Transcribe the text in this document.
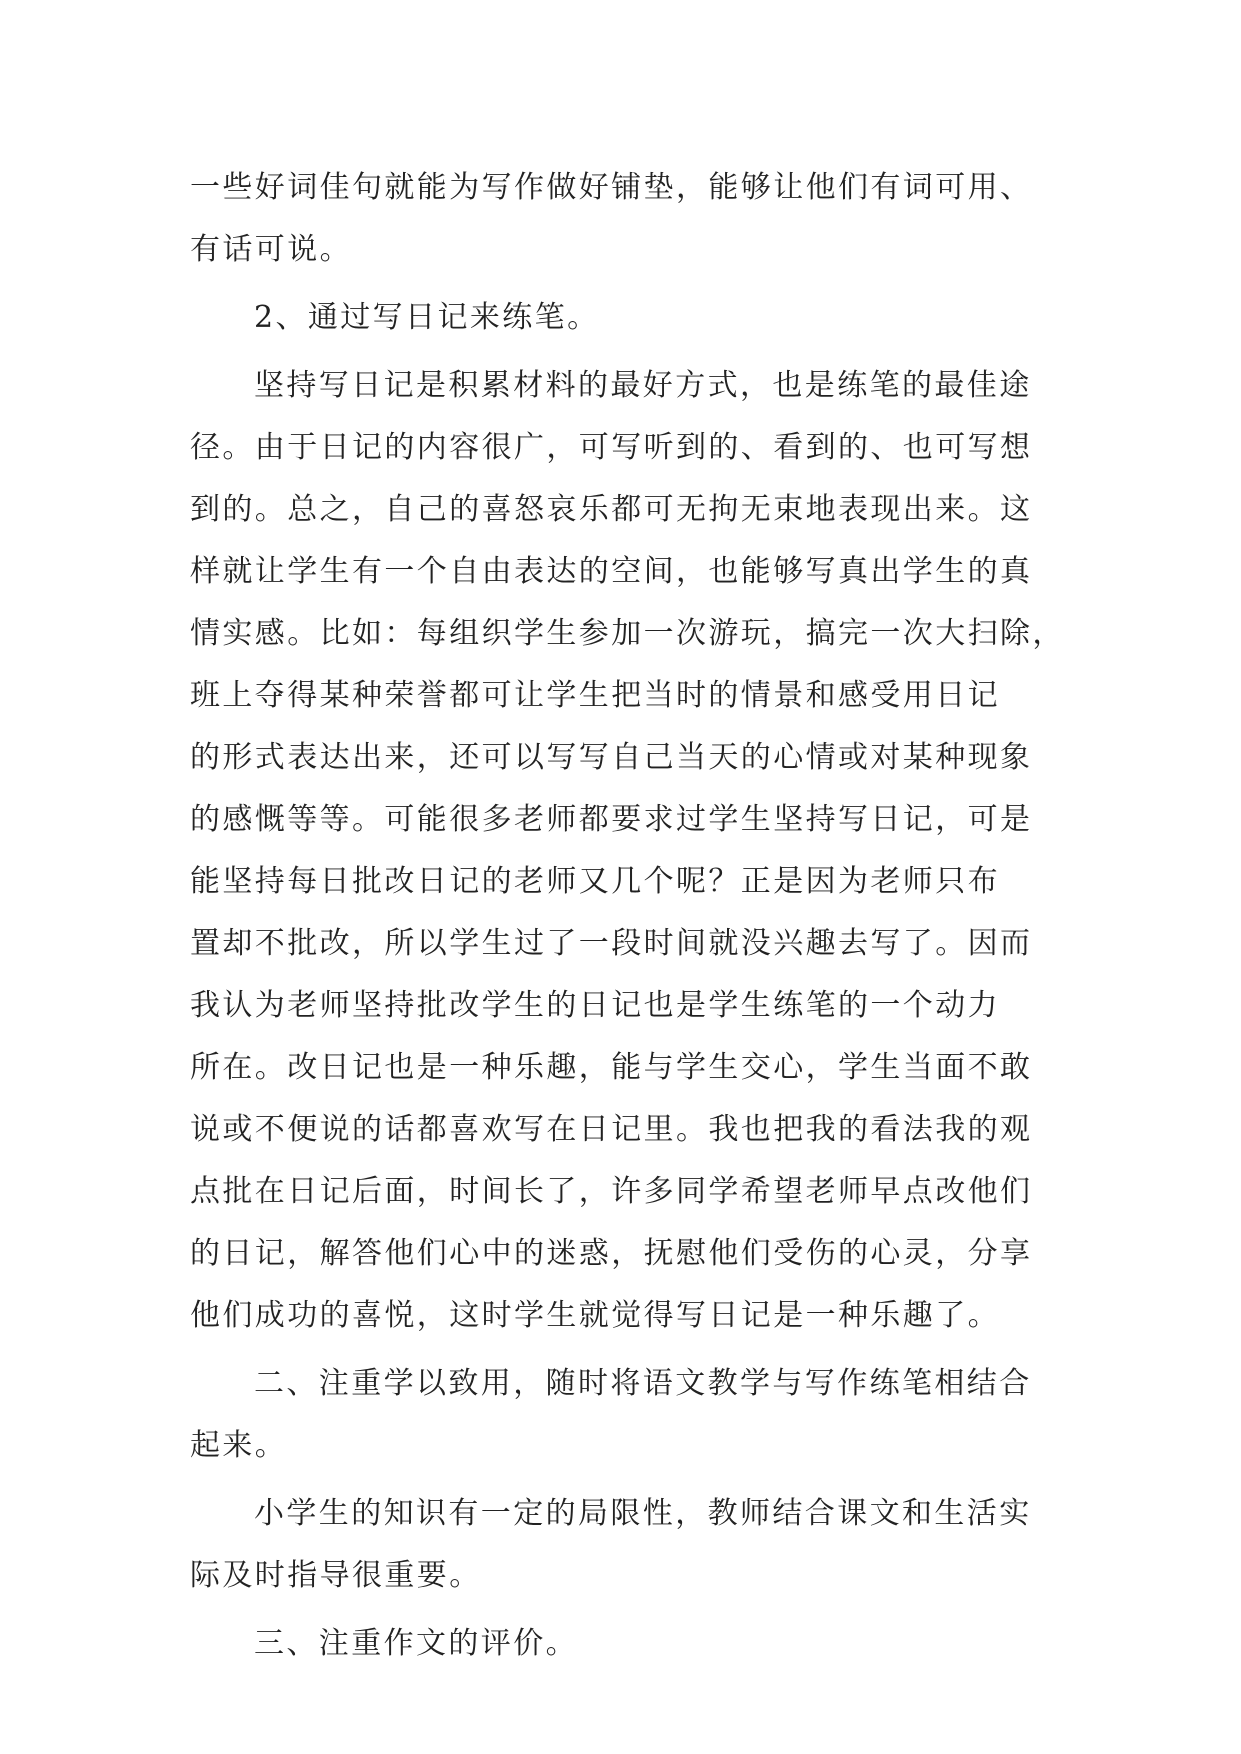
一些好词佳句就能为写作做好铺垫，能够让他们有词可用、
有话可说。
2、通过写日记来练笔。
坚持写日记是积累材料的最好方式，也是练笔的最佳途
径。由于日记的内容很广，可写听到的、看到的、也可写想
到的。总之，自己的喜怒哀乐都可无拘无束地表现出来。这
样就让学生有一个自由表达的空间，也能够写真出学生的真
情实感。比如：每组织学生参加一次游玩，搞完一次大扫除，
班上夺得某种荣誉都可让学生把当时的情景和感受用日记
的形式表达出来，还可以写写自己当天的心情或对某种现象
的感慨等等。可能很多老师都要求过学生坚持写日记，可是
能坚持每日批改日记的老师又几个呢？正是因为老师只布
置却不批改，所以学生过了一段时间就没兴趣去写了。因而
我认为老师坚持批改学生的日记也是学生练笔的一个动力
所在。改日记也是一种乐趣，能与学生交心，学生当面不敢
说或不便说的话都喜欢写在日记里。我也把我的看法我的观
点批在日记后面，时间长了，许多同学希望老师早点改他们
的日记，解答他们心中的迷惑，抚慰他们受伤的心灵，分享
他们成功的喜悦，这时学生就觉得写日记是一种乐趣了。
二、注重学以致用，随时将语文教学与写作练笔相结合
起来。
小学生的知识有一定的局限性，教师结合课文和生活实
际及时指导很重要。
三、注重作文的评价。
